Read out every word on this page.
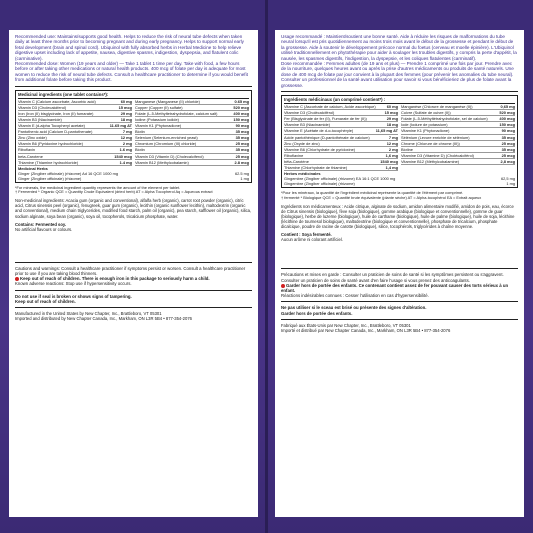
Recommended use: Maintains/supports good health. Helps to reduce the risk of neural tube defects when taken daily at least three months prior to becoming pregnant and during early pregnancy. Helps to support normal early fetal development (brain and spinal cord). Ubiquinol with fully absorbed herbs in Herbal Medicine to help relieve digestive upset including lack of appetite, nausea, digestive spasms, indigestion, dyspepsia, and flatulent colic (carminative).
Recommended dose: Women (19 years and older) — Take 1 tablet 1 time per day. Take with food, a few hours before or after taking other medications or natural health products. 400 mcg of folate per day is adequate for most women to reduce the risk of neural tube defects. Consult a healthcare practitioner to determine if you would benefit from additional folate before taking this product.
Medicinal ingredients (one tablet contains*):
Vitamin C (Calcium ascorbate, Ascorbic acid)	60 mg
Vitamin D3 (Cholecalciferol)	15 mcg
Iron (Iron (II) bisglycinate, Iron (II) fumarate)	29 mg
Vitamin B3 (Niacinamide)	18 mg
Vitamin E (d-alpha Tocopheryl acetate)	11.65 mg AT
Pantothenic acid (Calcium D-pantothenate)	7 mg
Zinc (Zinc oxide)	12 mg
Vitamin B6 (Pyridoxine hydrochloride)	2 mg
Riboflavin	1.6 mg
beta-Carotene	1540 mcg
Thiamine (Thiamine hydrochloride)	1.4 mg
Manganese (Manganese (II) chloride)	0.65 mg
Copper (Copper (II) sulfate)	520 mcg
Folate (L-5-Methyltetrahydrofolate, calcium salt)	400 mcg
Iodine (Potassium iodide)	150 mcg
Vitamin K1 (Phytonadione)	90 mcg
Biotin	35 mcg
Selenium (Selenium-enriched yeast)	35 mcg
Chromium (Chromium (III) chloride)	25 mcg
Biotin	35 mcg
Vitamin D3 (Vitamin D) (Cholecalciferol)	25 mcg
Vitamin B12 (Methylcobalamin)	2.8 mcg
Medicinal Herbs
Ginger (Zingiber officinale) (rhizome) Ad 16 QCE 1000 mg	62.5 mg
Ginger (Zingiber officinale) (rhizome)	1 mg
*For minerals, the medicinal ingredient quantity represents the amount of the element per tablet.
† Fermented * Organic QCE = Quantity Crude Equivalent (dried herb) AT = Alpha Tocopherol Aq = Aqueous extract
Non-medicinal ingredients: Acacia gum (organic and conventional), alfalfa herb (organic), carrot root powder (organic), citric acid, Citrus sinensis peel (organic), fenugreek, guar gum (organic), lecithin (organic sunflower lecithin), maltodextrin (organic and conventional), medium chain triglycerides, modified food starch, palm oil (organic), pea starch, safflower oil (organic), silica, sodium alginate, soya bean (organic), soya oil, tocopherols, tricalcium phosphate, water.
Contains: Fermented soy.
No artificial flavours or colours.
Cautions and warnings: Consult a healthcare practitioner if symptoms persist or worsen. Consult a healthcare practitioner prior to use if you are taking blood thinners.
Keep out of reach of children. There is enough iron in this package to seriously harm a child.
Known adverse reactions: Stop use if hypersensitivity occurs.
Do not use if seal is broken or shows signs of tampering.
Keep out of reach of children.
Manufactured in the United States by New Chapter, Inc., Brattleboro, VT 05301
Imported and distributed by New Chapter Canada, Inc., Markham, ON L3R 5B4 • 877-354-2076
Usage recommandé : Maintient/soutient une bonne santé. Aide à réduire les risques de malformations du tube neural lorsqu'il est pris quotidiennement au moins trois mois avant le début de la grossesse et pendant le début de la grossesse. Aide à soutenir le développement précoce normal du foetus (cerveau et moelle épinière). L'Ubiquinol utilisé traditionnellement en phytothérapie pour aider à soulager les troubles digestifs, y compris la perte d'appétit, la nausée, les spasmes digestifs, l'indigestion, la dyspepsie, et les coliques flatulentes (carminatif).
Dose recommandée : Femmes adultes (de 19 ans et plus) — Prendre 1 comprimé une fois par jour. Prendre avec de la nourriture, quelques heures avant ou après la prise d'autres médicaments ou produits de santé naturels. Une dose de 400 mcg de folate par jour convient à la plupart des femmes (pour prévenir les anomalies du tube neural). Consulter un professionnel de la santé avant utilisation pour savoir si vous bénéficieriez de plus de folate avant la grossesse.
Ingrédients médicinaux (un comprimé contient*) :
Vitamine C (Ascorbate de calcium, Acide ascorbique)	60 mg
Vitamine D3 (Cholécalciférol)	15 mcg
Fer (Bisglycinate de fer (II), Fumarate de fer (II))	29 mg
Vitamine B3 (Niacinamide)	18 mg
Vitamine E (Acétate de d-α-tocophéryle)	11,65 mg AT
Acide pantothénique (D-pantothénate de calcium)	7 mg
Zinc (Oxyde de zinc)	12 mg
Vitamine B6 (Chlorhydrate de pyridoxine)	2 mg
Riboflavine	1,6 mg
bêta-Carotène	1540 mcg
Thiamine (Chlorhydrate de thiamine)	1,4 mg
Manganèse (Chlorure de manganèse (II))	0,65 mg
Cuivre (Sulfate de cuivre (II))	520 mcg
Folate (L-5-Méthyltétrahydrofolate, sel de calcium)	400 mcg
Iode (Iodure de potassium)	150 mcg
Vitamine K1 (Phytonadione)	90 mcg
Sélénium (Levure enrichie de sélénium)	35 mcg
Chrome (Chlorure de chrome (III))	25 mcg
Biotine	35 mcg
Vitamine D3 (Vitamine D) (Cholécalciférol)	25 mcg
Vitamine B12 (Méthylcobalamine)	2,8 mcg
Herbes médicinales
Gingembre (Zingiber officinale) (rhizome) EA 16:1 QCE 1000 mg	62,5 mg
Gingembre (Zingiber officinale) (rhizome)	1 mg
*Pour les minéraux, la quantité de l'ingrédient médicinal représente la quantité de l'élément par comprimé.
† fermenté * Biologique QCE = Quantité brute équivalente (plante sèche) AT = Alpha-tocophérol EA = Extrait aqueux
Ingrédients non médicamenteux : Acide citrique, alginate de sodium, amidon alimentaire modifié, amidon de pois, eau, écorce de Citrus sinensis (biologique), fève soja (biologique), gomme arabique (biologique et conventionnelle), gomme de guar (biologique), herbe de luzerne (biologique), huile de carthame (biologique), huile de palme (biologique), huile de soja, lécithine (lécithine de tournesol biologique), maltodextrine (biologique et conventionnelle), phosphate de tricalcium, phosphate dicalcique, poudre de racine de carotte (biologique), silice, tocophérols, triglycérides à chaîne moyenne.
Contient : Soya fermenté.
Aucun arôme ni colorant artificiel.
Précautions et mises en garde : Consulter un praticien de soins de santé si les symptômes persistent ou s'aggravent. Consulter un praticien de soins de santé avant d'en faire l'usage si vous prenez des anticoagulants.
Garder hors de portée des enfants. Ce contenant contient assez de fer pouvant causer des torts sérieux à un enfant.
Réactions indésirables connues : Cesser l'utilisation en cas d'hypersensibilité.
Ne pas utiliser si le sceau est brisé ou présente des signes d'altération.
Garder hors de portée des enfants.
Fabriqué aux États-Unis par New Chapter, Inc., Brattleboro, VT 05301
Importé et distribué par New Chapter Canada, Inc., Markham, ON L3R 5B4 • 877-354-2076
